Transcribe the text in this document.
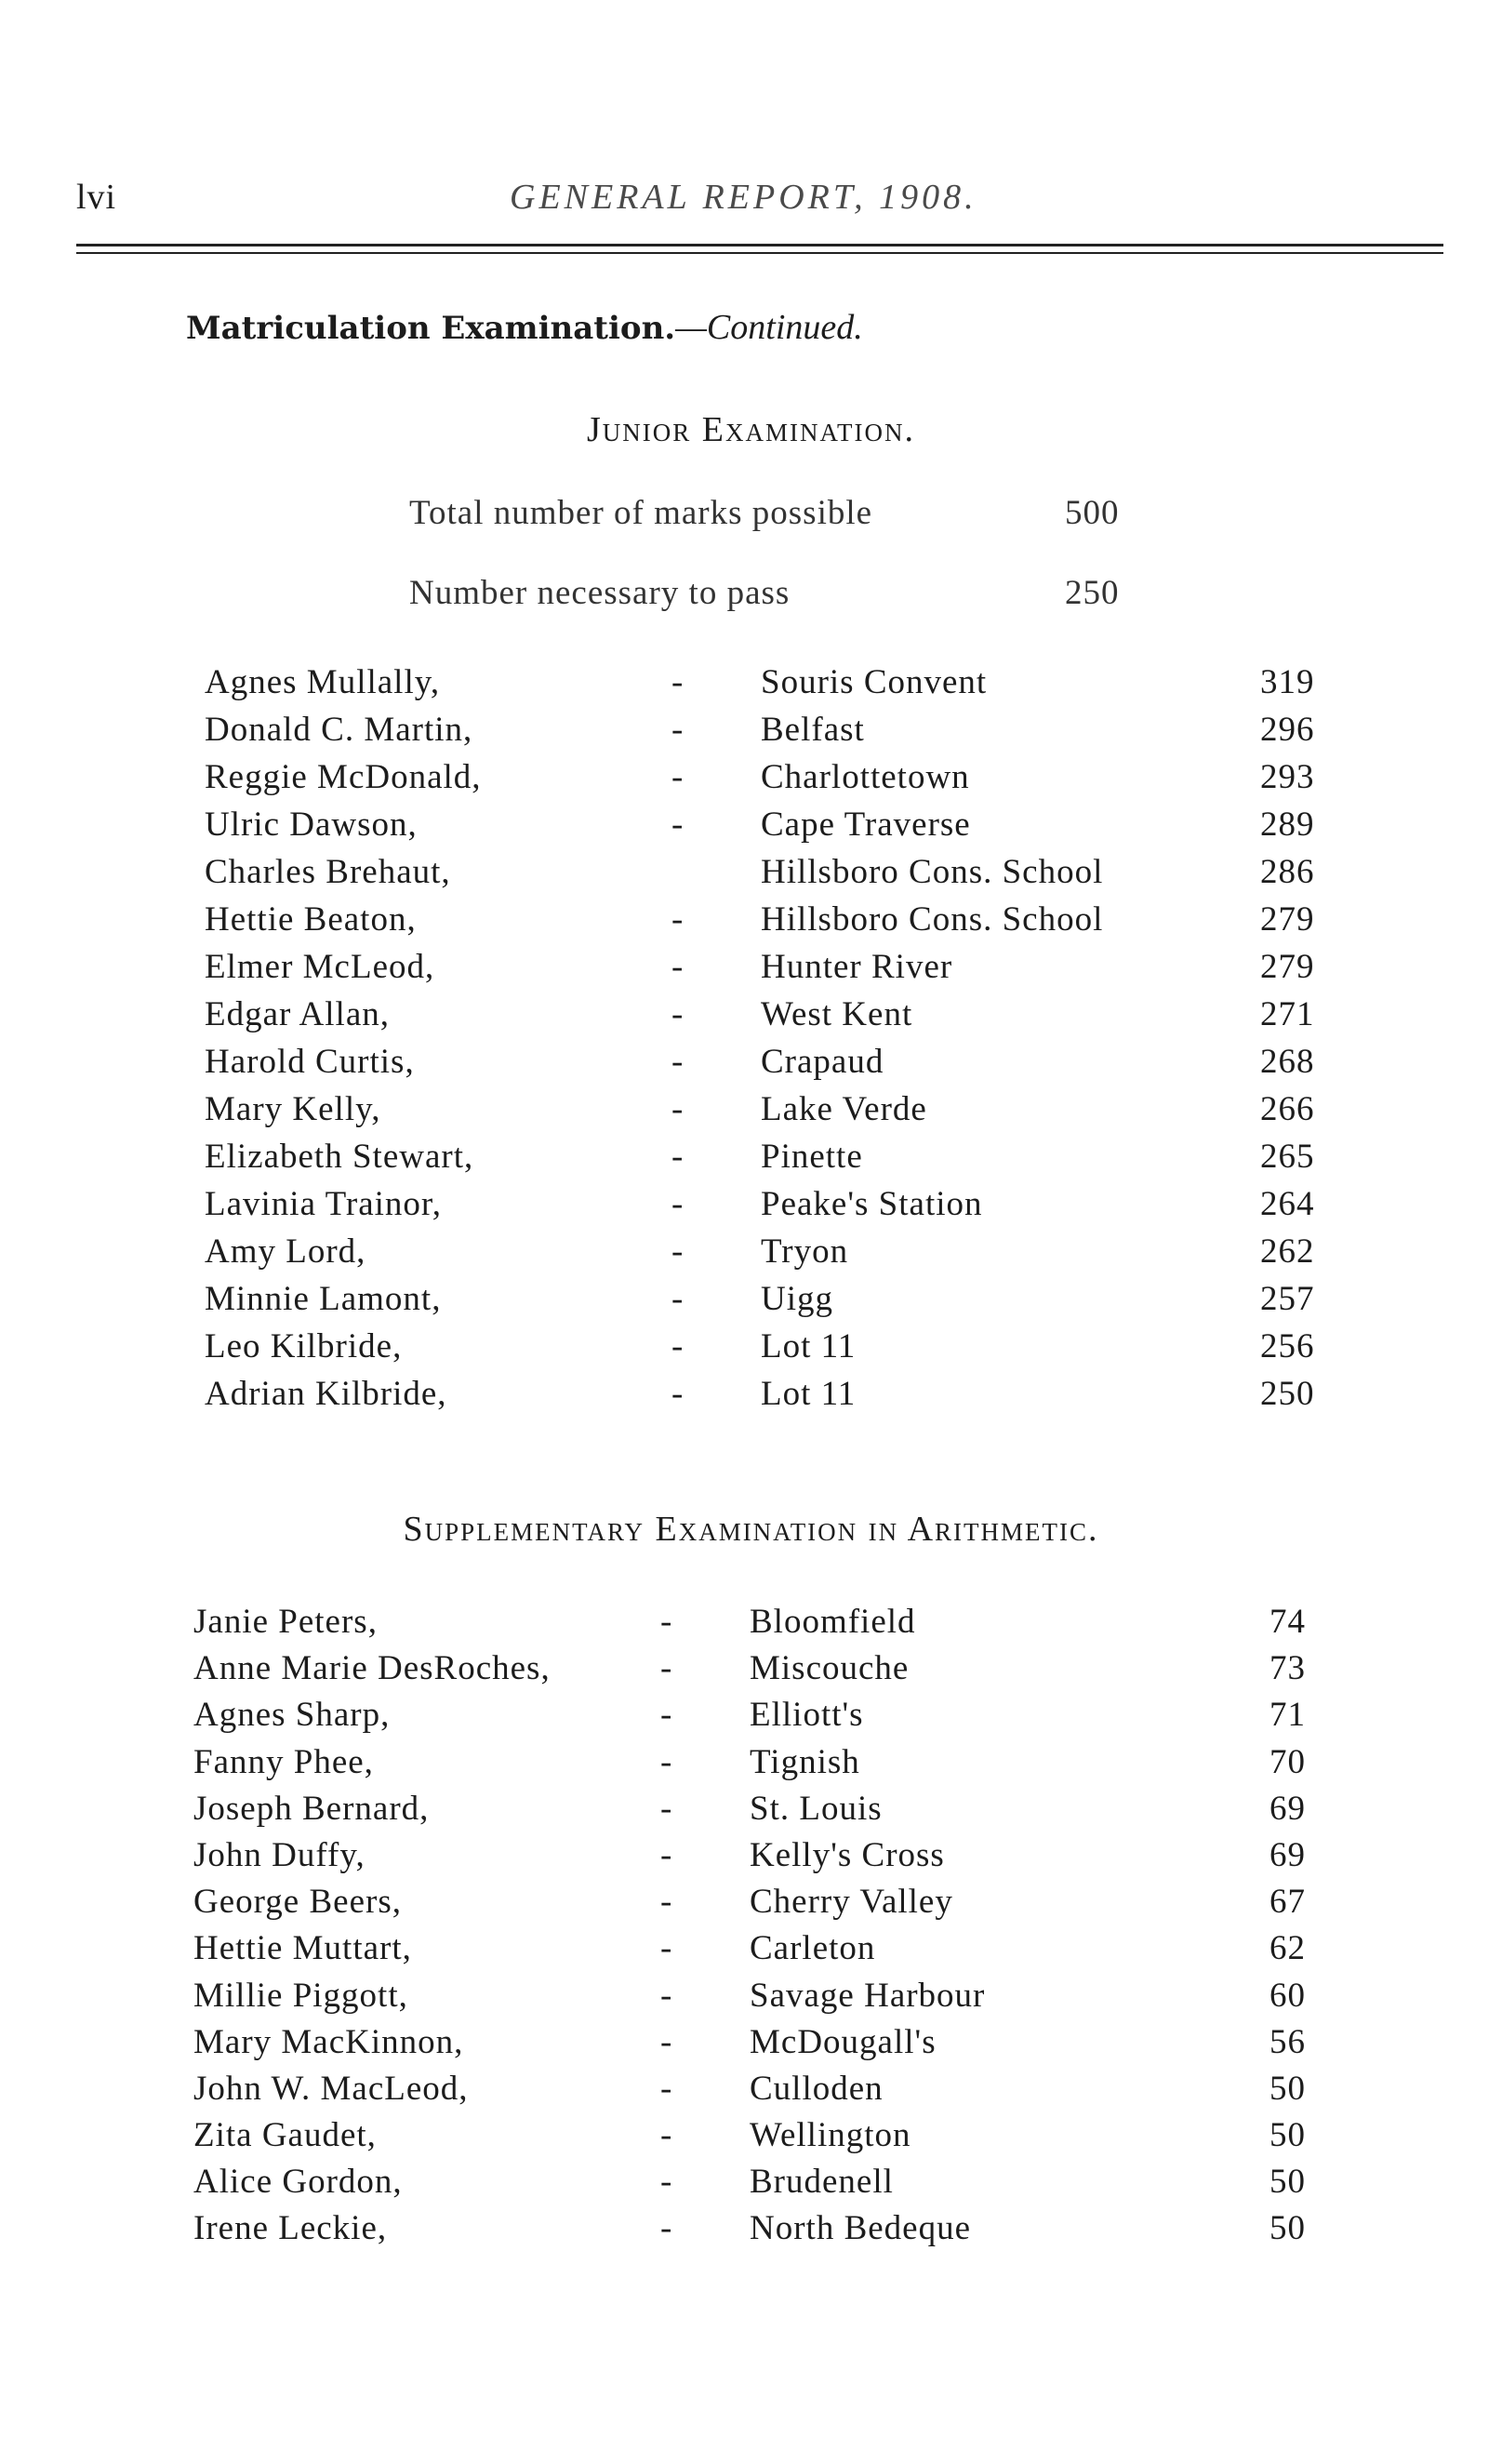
lvi	GENERAL REPORT, 1908.
Matriculation Examination.—Continued.
Junior Examination.
Total number of marks possible	500
Number necessary to pass	250
Agnes Mullally,	- Souris Convent	319
Donald C. Martin,	- Belfast	296
Reggie McDonald,	- Charlottetown	293
Ulric Dawson,	- Cape Traverse	289
Charles Brehaut,	Hillsboro Cons. School	286
Hettie Beaton,	- Hillsboro Cons. School	279
Elmer McLeod,	- Hunter River	279
Edgar Allan,	- West Kent	271
Harold Curtis,	- Crapaud	268
Mary Kelly,	- Lake Verde	266
Elizabeth Stewart,	- Pinette	265
Lavinia Trainor,	- Peake's Station	264
Amy Lord,	- Tryon	262
Minnie Lamont,	- Uigg	257
Leo Kilbride,	- Lot 11	256
Adrian Kilbride,	- Lot 11	250
Supplementary Examination in Arithmetic.
Janie Peters,	- Bloomfield	74
Anne Marie DesRoches,	- Miscouche	73
Agnes Sharp,	- Elliott's	71
Fanny Phee,	- Tignish	70
Joseph Bernard,	- St. Louis	69
John Duffy,	- Kelly's Cross	69
George Beers,	- Cherry Valley	67
Hettie Muttart,	- Carleton	62
Millie Piggott,	- Savage Harbour	60
Mary MacKinnon,	- McDougall's	56
John W. MacLeod,	- Culloden	50
Zita Gaudet,	- Wellington	50
Alice Gordon,	- Brudenell	50
Irene Leckie,	- North Bedeque	50
